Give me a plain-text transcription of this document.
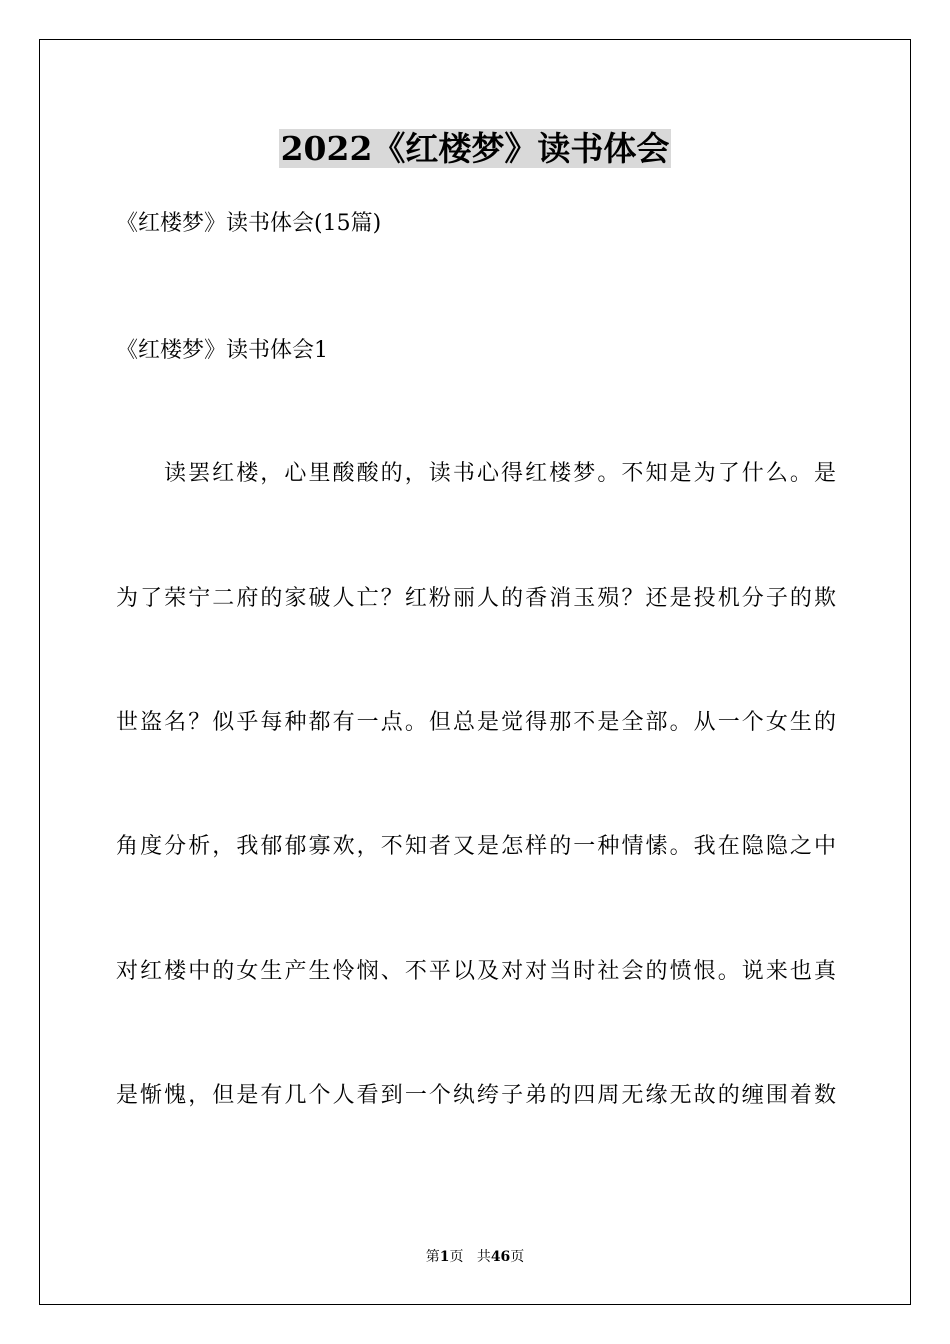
2022《红楼梦》读书体会
《红楼梦》读书体会(15篇)
《红楼梦》读书体会1
读罢红楼，心里酸酸的，读书心得红楼梦。不知是为了什么。是
为了荣宁二府的家破人亡？红粉丽人的香消玉殒？还是投机分子的欺
世盗名？似乎每种都有一点。但总是觉得那不是全部。从一个女生的
角度分析，我郁郁寡欢，不知者又是怎样的一种情愫。我在隐隐之中
对红楼中的女生产生怜悯、不平以及对对当时社会的愤恨。说来也真
是惭愧，但是有几个人看到一个纨绔子弟的四周无缘无故的缠围着数
第1页 共46页
